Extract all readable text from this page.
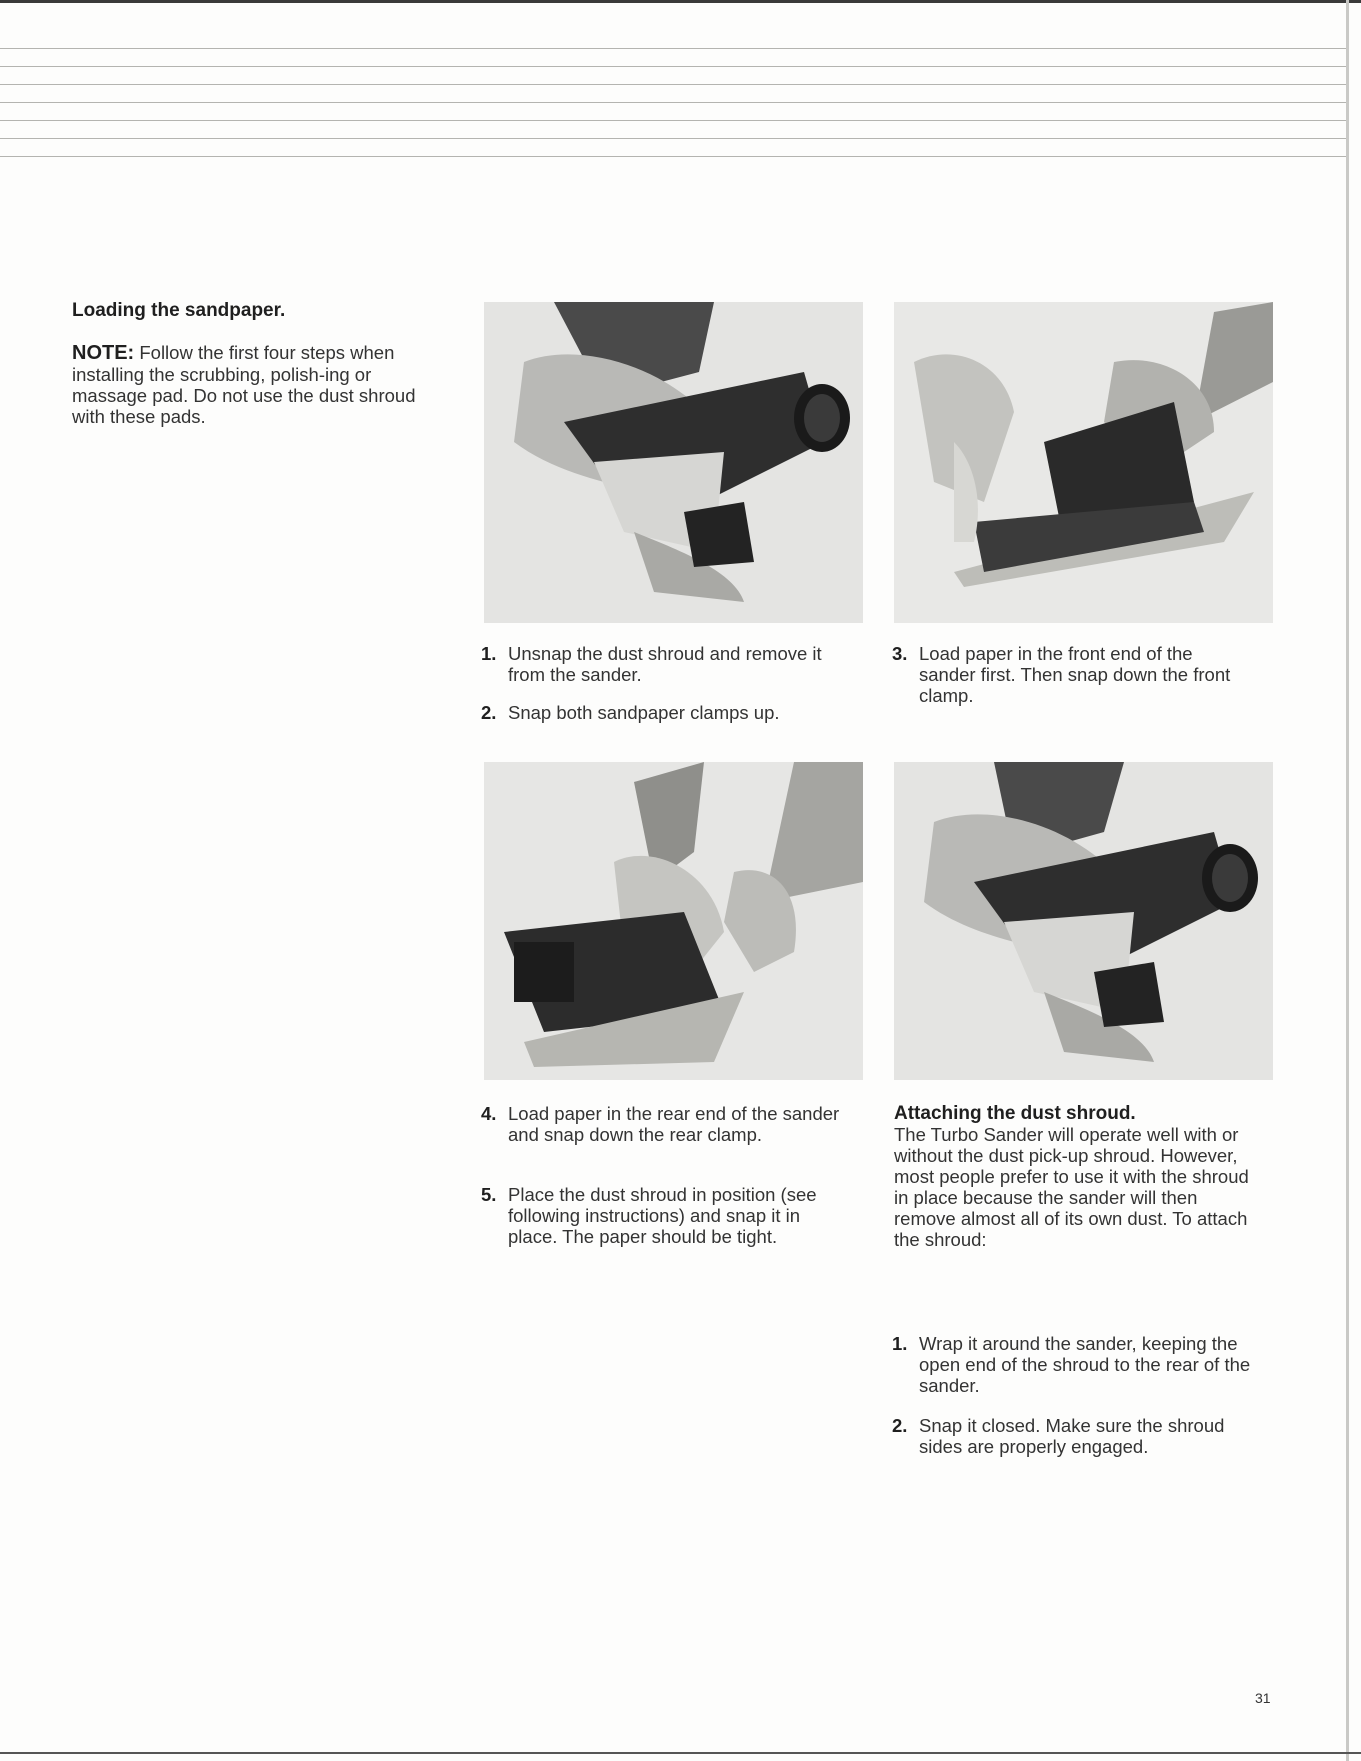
Loading the sandpaper.
NOTE: Follow the first four steps when installing the scrubbing, polish-ing or massage pad. Do not use the dust shroud with these pads.
1. Unsnap the dust shroud and remove it from the sander.
2. Snap both sandpaper clamps up.
3. Load paper in the front end of the sander first. Then snap down the front clamp.
4. Load paper in the rear end of the sander and snap down the rear clamp.
5. Place the dust shroud in position (see following instructions) and snap it in place. The paper should be tight.
Attaching the dust shroud.
The Turbo Sander will operate well with or without the dust pick-up shroud. However, most people prefer to use it with the shroud in place because the sander will then remove almost all of its own dust. To attach the shroud:
1. Wrap it around the sander, keeping the open end of the shroud to the rear of the sander.
2. Snap it closed. Make sure the shroud sides are properly engaged.
31
